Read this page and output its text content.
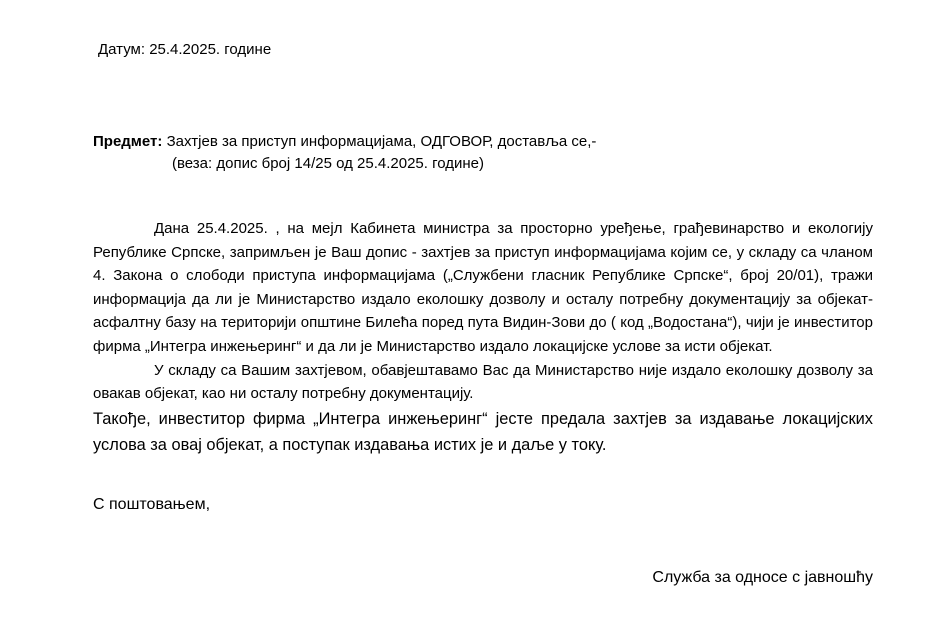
Датум: 25.4.2025. године
Предмет: Захтјев за приступ информацијама, ОДГОВОР, доставља се,-
(веза: допис број 14/25 од 25.4.2025. године)

Дана 25.4.2025. , на мејл Кабинета министра за просторно уређење, грађевинарство и екологију Републике Српске, запримљен је Ваш допис - захтјев за приступ информацијама којим се, у складу са чланом 4. Закона о слободи приступа информацијама („Службени гласник Републике Српске“, број 20/01), тражи информација да ли је Министарство издало еколошку дозволу и осталу потребну документацију за објекат- асфалтну базу на територији општине Билећа поред пута Видин-Зови до ( код „Водостана“), чији је инвеститор фирма „Интегра инжењеринг“ и да ли је Министарство издало локацијске услове за исти објекат.

У складу са Вашим захтјевом, обавјештавамо Вас да Министарство није издало еколошку дозволу за овакав објекат, као ни осталу потребну документацију.

Такође, инвеститор фирма „Интегра инжењеринг“ јесте предала захтјев за издавање локацијских услова за овај објекат, а поступак издавања истих је и даље у току.

С поштовањем,
Служба за односе с јавношћу
